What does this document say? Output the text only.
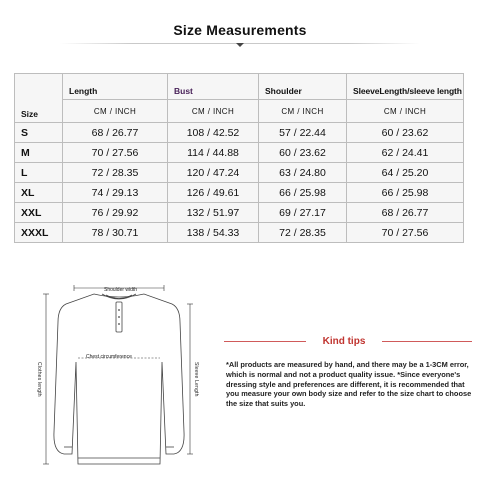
Size Measurements
Size	Length	Bust	Shoulder	SleeveLength/sleeve length
	CM / INCH	CM / INCH	CM / INCH	CM / INCH
S	68 / 26.77	108 / 42.52	57 / 22.44	60 / 23.62
M	70 / 27.56	114 / 44.88	60 / 23.62	62 / 24.41
L	72 / 28.35	120 / 47.24	63 / 24.80	64 / 25.20
XL	74 / 29.13	126 / 49.61	66 / 25.98	66 / 25.98
XXL	76 / 29.92	132 / 51.97	69 / 27.17	68 / 26.77
XXXL	78 / 30.71	138 / 54.33	72 / 28.35	70 / 27.56
Shoulder width
Chest circumference
Clothes length	Sleeve Length
Kind tips
*All products are measured by hand, and there may be a 1-3CM error, which is normal and not a product quality issue. *Since everyone's dressing style and preferences are different, it is recommended that you measure your own body size and refer to the size chart to choose the size that suits you.
